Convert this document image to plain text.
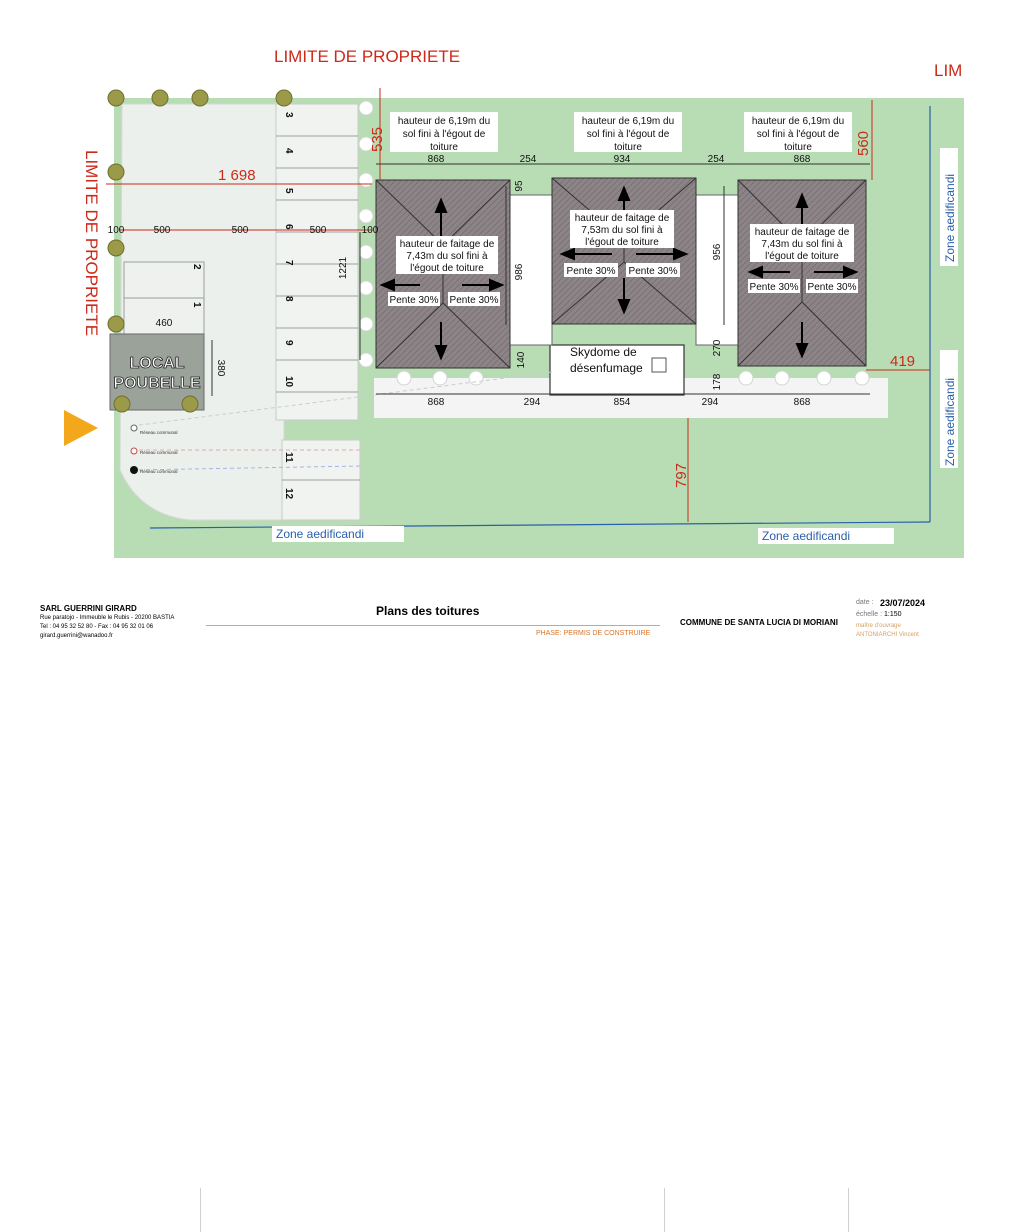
LIMITE DE PROPRIETE
LIM
LIMITE DE PROPRIETE	1 698
535	560
419
797
Zone aedificandi	Zone aedificandi
Zone aedificandi
Zone aedificandi
hauteur de 6,19m du
sol fini à l'égout de
toiture
hauteur de 6,19m du
sol fini à l'égout de
toiture
hauteur de 6,19m du
sol fini à l'égout de
toiture
hauteur de faitage de
7,43m du sol fini à
l'égout de toiture
hauteur de faitage de
7,53m du sol fini à
l'égout de toiture
hauteur de faitage de
7,43m du sol fini à
l'égout de toiture
Pente 30% Pente 30%
Pente 30% Pente 30%
Pente 30% Pente 30%
3
4
5
6
7
8
9
10
11
12
2
1
868	254	934	254	868
100	500	500	500	100
460
868	294	854	294	868
380
1221
95
986
956
140
270
178
LOCAL
POUBELLE
Skydome de
désenfumage
Réseau communal
Réseau communal
Réseau communal
SARL GUERRINI GIRARD
Rue paratojo - Immeuble le Rubis - 20200 BASTIA
Tel : 04 95 32 52 80 - Fax : 04 95 32 01 06
girard.guerrini@wanadoo.fr
Plans des toitures
PHASE: PERMIS DE CONSTRUIRE
COMMUNE DE SANTA LUCIA DI MORIANI
date : 23/07/2024
échelle : 1:150
maître d'ouvrage
ANTONIARCHI Vincent
